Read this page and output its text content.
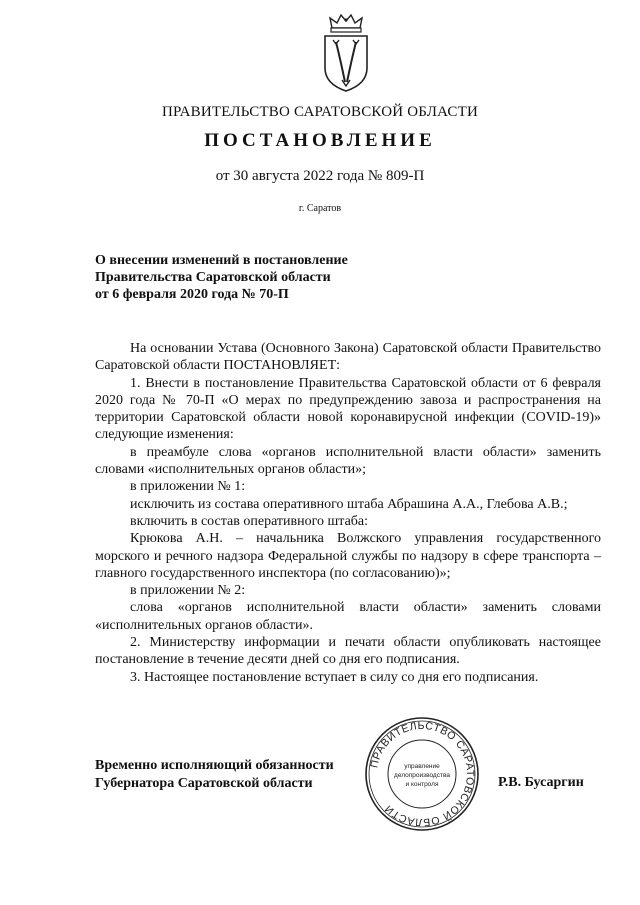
ПРАВИТЕЛЬСТВО САРАТОВСКОЙ ОБЛАСТИ
ПОСТАНОВЛЕНИЕ
от 30 августа 2022 года № 809-П
г. Саратов
О внесении изменений в постановление
Правительства Саратовской области
от 6 февраля 2020 года № 70-П

На основании Устава (Основного Закона) Саратовской области Правительство Саратовской области ПОСТАНОВЛЯЕТ:

1. Внести в постановление Правительства Саратовской области от 6 февраля 2020 года № 70-П «О мерах по предупреждению завоза и распространения на территории Саратовской области новой коронавирусной инфекции (COVID-19)» следующие изменения:

в преамбуле слова «органов исполнительной власти области» заменить словами «исполнительных органов области»;

в приложении № 1:

исключить из состава оперативного штаба Абрашина А.А., Глебова А.В.;

включить в состав оперативного штаба:

Крюкова А.Н. – начальника Волжского управления государственного морского и речного надзора Федеральной службы по надзору в сфере транспорта – главного государственного инспектора (по согласованию)»;

в приложении № 2:

слова «органов исполнительной власти области» заменить словами «исполнительных органов области».

2. Министерству информации и печати области опубликовать настоящее постановление в течение десяти дней со дня его подписания.

3. Настоящее постановление вступает в силу со дня его подписания.

Временно исполняющий обязанности
Губернатора Саратовской области
ПРАВИТЕЛЬСТВО САРАТОВСКОЙ ОБЛАСТИ
управление
делопроизводства
и контроля	Р.В. Бусаргин
